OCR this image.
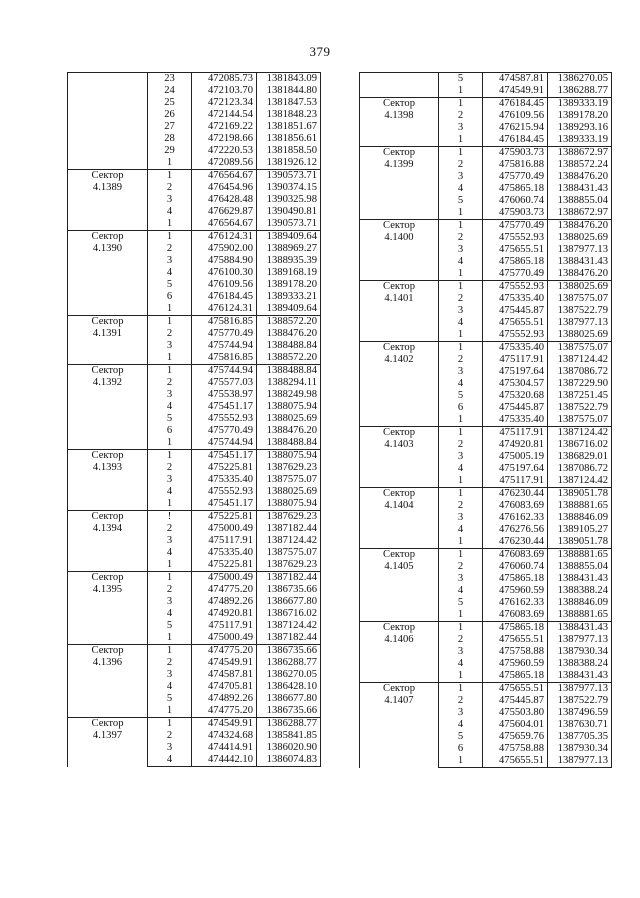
379
	23	472085.73	1381843.09
	24	472103.70	1381844.80
	25	472123.34	1381847.53
	26	472144.54	1381848.23
	27	472169.22	1381851.67
	28	472198.66	1381856.61
	29	472220.53	1381858.50
	1	472089.56	1381926.12

Сектор
4.1389	1	476564.67	1390573.71
	2	476454.96	1390374.15
	3	476428.48	1390325.98
	4	476629.87	1390490.81
	1	476564.67	1390573.71

Сектор
4.1390	1	476124.31	1389409.64
	2	475902.00	1388969.27
	3	475884.90	1388935.39
	4	476100.30	1389168.19
	5	476109.56	1389178.20
	6	476184.45	1389333.21
	1	476124.31	1389409.64

Сектор
4.1391	1	475816.85	1388572.20
	2	475770.49	1388476.20
	3	475744.94	1388488.84
	1	475816.85	1388572.20

Сектор
4.1392	1	475744.94	1388488.84
	2	475577.03	1388294.11
	3	475538.97	1388249.98
	4	475451.17	1388075.94
	5	475552.93	1388025.69
	6	475770.49	1388476.20
	1	475744.94	1388488.84

Сектор
4.1393	1	475451.17	1388075.94
	2	475225.81	1387629.23
	3	475335.40	1387575.07
	4	475552.93	1388025.69
	1	475451.17	1388075.94

Сектор
4.1394	!	475225.81	1387629.23
	2	475000.49	1387182.44
	3	475117.91	1387124.42
	4	475335.40	1387575.07
	1	475225.81	1387629.23

Сектор
4.1395	1	475000.49	1387182.44
	2	474775.20	1386735.66
	3	474892.26	1386677.80
	4	474920.81	1386716.02
	5	475117.91	1387124.42
	1	475000.49	1387182.44

Сектор
4.1396	1	474775.20	1386735.66
	2	474549.91	1386288.77
	3	474587.81	1386270.05
	4	474705.81	1386428.10
	5	474892.26	1386677.80
	1	474775.20	1386735.66

Сектор
4.1397	1	474549.91	1386288.77
	2	474324.68	1385841.85
	3	474414.91	1386020.90
	4	474442.10	1386074.83
	5	474587.81	1386270.05
	1	474549.91	1386288.77

Сектор
4.1398	1	476184.45	1389333.19
	2	476109.56	1389178.20
	3	476215.94	1389293.16
	1	476184.45	1389333.19

Сектор
4.1399	1	475903.73	1388672.97
	2	475816.88	1388572.24
	3	475770.49	1388476.20
	4	475865.18	1388431.43
	5	476060.74	1388855.04
	1	475903.73	1388672.97

Сектор
4.1400	1	475770.49	1388476.20
	2	475552.93	1388025.69
	3	475655.51	1387977.13
	4	475865.18	1388431.43
	1	475770.49	1388476.20

Сектор
4.1401	1	475552.93	1388025.69
	2	475335.40	1387575.07
	3	475445.87	1387522.79
	4	475655.51	1387977.13
	1	475552.93	1388025.69

Сектор
4.1402	1	475335.40	1387575.07
	2	475117.91	1387124.42
	3	475197.64	1387086.72
	4	475304.57	1387229.90
	5	475320.68	1387251.45
	6	475445.87	1387522.79
	1	475335.40	1387575.07

Сектор
4.1403	1	475117.91	1387124.42
	2	474920.81	1386716.02
	3	475005.19	1386829.01
	4	475197.64	1387086.72
	1	475117.91	1387124.42

Сектор
4.1404	1	476230.44	1389051.78
	2	476083.69	1388881.65
	3	476162.33	1388846.09
	4	476276.56	1389105.27
	1	476230.44	1389051.78

Сектор
4.1405	1	476083.69	1388881.65
	2	476060.74	1388855.04
	3	475865.18	1388431.43
	4	475960.59	1388388.24
	5	476162.33	1388846.09
	1	476083.69	1388881.65

Сектор
4.1406	1	475865.18	1388431.43
	2	475655.51	1387977.13
	3	475758.88	1387930.34
	4	475960.59	1388388.24
	1	475865.18	1388431.43

Сектор
4.1407	1	475655.51	1387977.13
	2	475445.87	1387522.79
	3	475503.80	1387496.59
	4	475604.01	1387630.71
	5	475659.76	1387705.35
	6	475758.88	1387930.34
	1	475655.51	1387977.13
